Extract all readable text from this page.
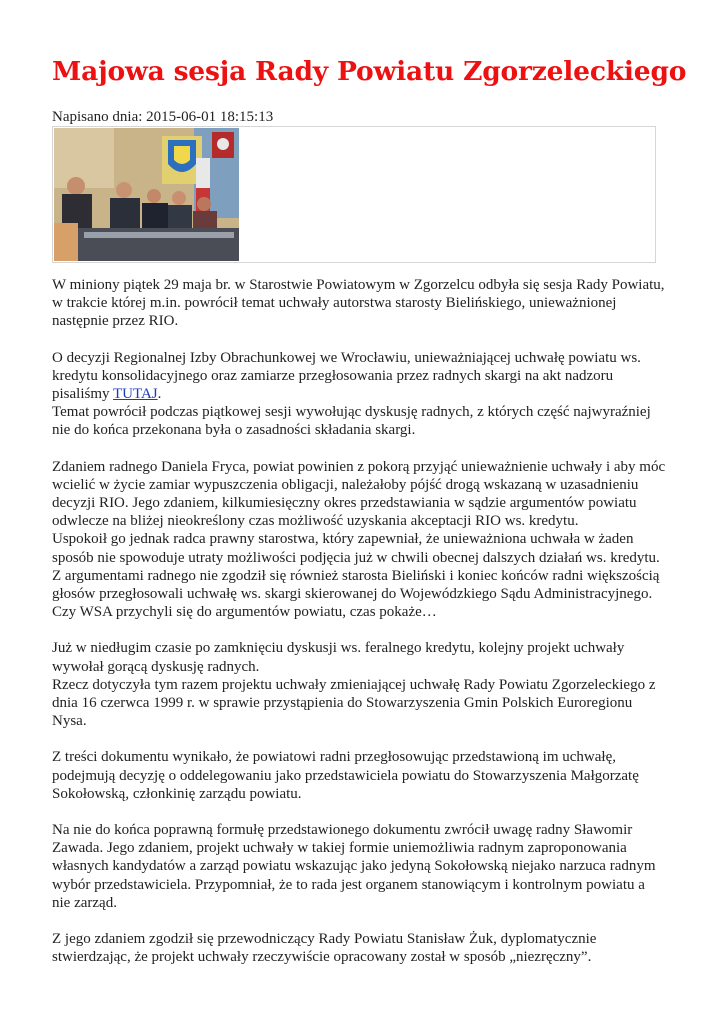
Majowa sesja Rady Powiatu Zgorzeleckiego
Napisano dnia: 2015-06-01 18:15:13

W miniony piątek 29 maja br. w Starostwie Powiatowym w Zgorzelcu odbyła się sesja Rady Powiatu,
w trakcie której m.in. powrócił temat uchwały autorstwa starosty Bielińskiego, unieważnionej
następnie przez RIO.

O decyzji Regionalnej Izby Obrachunkowej we Wrocławiu, unieważniającej uchwałę powiatu ws.
kredytu konsolidacyjnego oraz zamiarze przegłosowania przez radnych skargi na akt nadzoru
pisaliśmy TUTAJ.
Temat powrócił podczas piątkowej sesji wywołując dyskusję radnych, z których część najwyraźniej
nie do końca przekonana była o zasadności składania skargi.

Zdaniem radnego Daniela Fryca, powiat powinien z pokorą przyjąć unieważnienie uchwały i aby móc
wcielić w życie zamiar wypuszczenia obligacji, należałoby pójść drogą wskazaną w uzasadnieniu
decyzji RIO. Jego zdaniem, kilkumiesięczny okres przedstawiania w sądzie argumentów powiatu
odwlecze na bliżej nieokreślony czas możliwość uzyskania akceptacji RIO ws. kredytu.
Uspokoił go jednak radca prawny starostwa, który zapewniał, że unieważniona uchwała w żaden
sposób nie spowoduje utraty możliwości podjęcia już w chwili obecnej dalszych działań ws. kredytu.
Z argumentami radnego nie zgodził się również starosta Bieliński i koniec końców radni większością
głosów przegłosowali uchwałę ws. skargi skierowanej do Wojewódzkiego Sądu Administracyjnego.
Czy WSA przychyli się do argumentów powiatu, czas pokaże…

Już w niedługim czasie po zamknięciu dyskusji ws. feralnego kredytu, kolejny projekt uchwały
wywołał gorącą dyskusję radnych.
Rzecz dotyczyła tym razem projektu uchwały zmieniającej uchwałę Rady Powiatu Zgorzeleckiego z
dnia 16 czerwca 1999 r. w sprawie przystąpienia do Stowarzyszenia Gmin Polskich Euroregionu
Nysa.

Z treści dokumentu wynikało, że powiatowi radni przegłosowując przedstawioną im uchwałę,
podejmują decyzję o oddelegowaniu jako przedstawiciela powiatu do Stowarzyszenia Małgorzatę
Sokołowską, członkinię zarządu powiatu.

Na nie do końca poprawną formułę przedstawionego dokumentu zwrócił uwagę radny Sławomir
Zawada. Jego zdaniem, projekt uchwały w takiej formie uniemożliwia radnym zaproponowania
własnych kandydatów a zarząd powiatu wskazując jako jedyną Sokołowską niejako narzuca radnym
wybór przedstawiciela. Przypomniał, że to rada jest organem stanowiącym i kontrolnym powiatu a
nie zarząd.

Z jego zdaniem zgodził się przewodniczący Rady Powiatu Stanisław Żuk, dyplomatycznie
stwierdzając, że projekt uchwały rzeczywiście opracowany został w sposób „niezręczny”.
